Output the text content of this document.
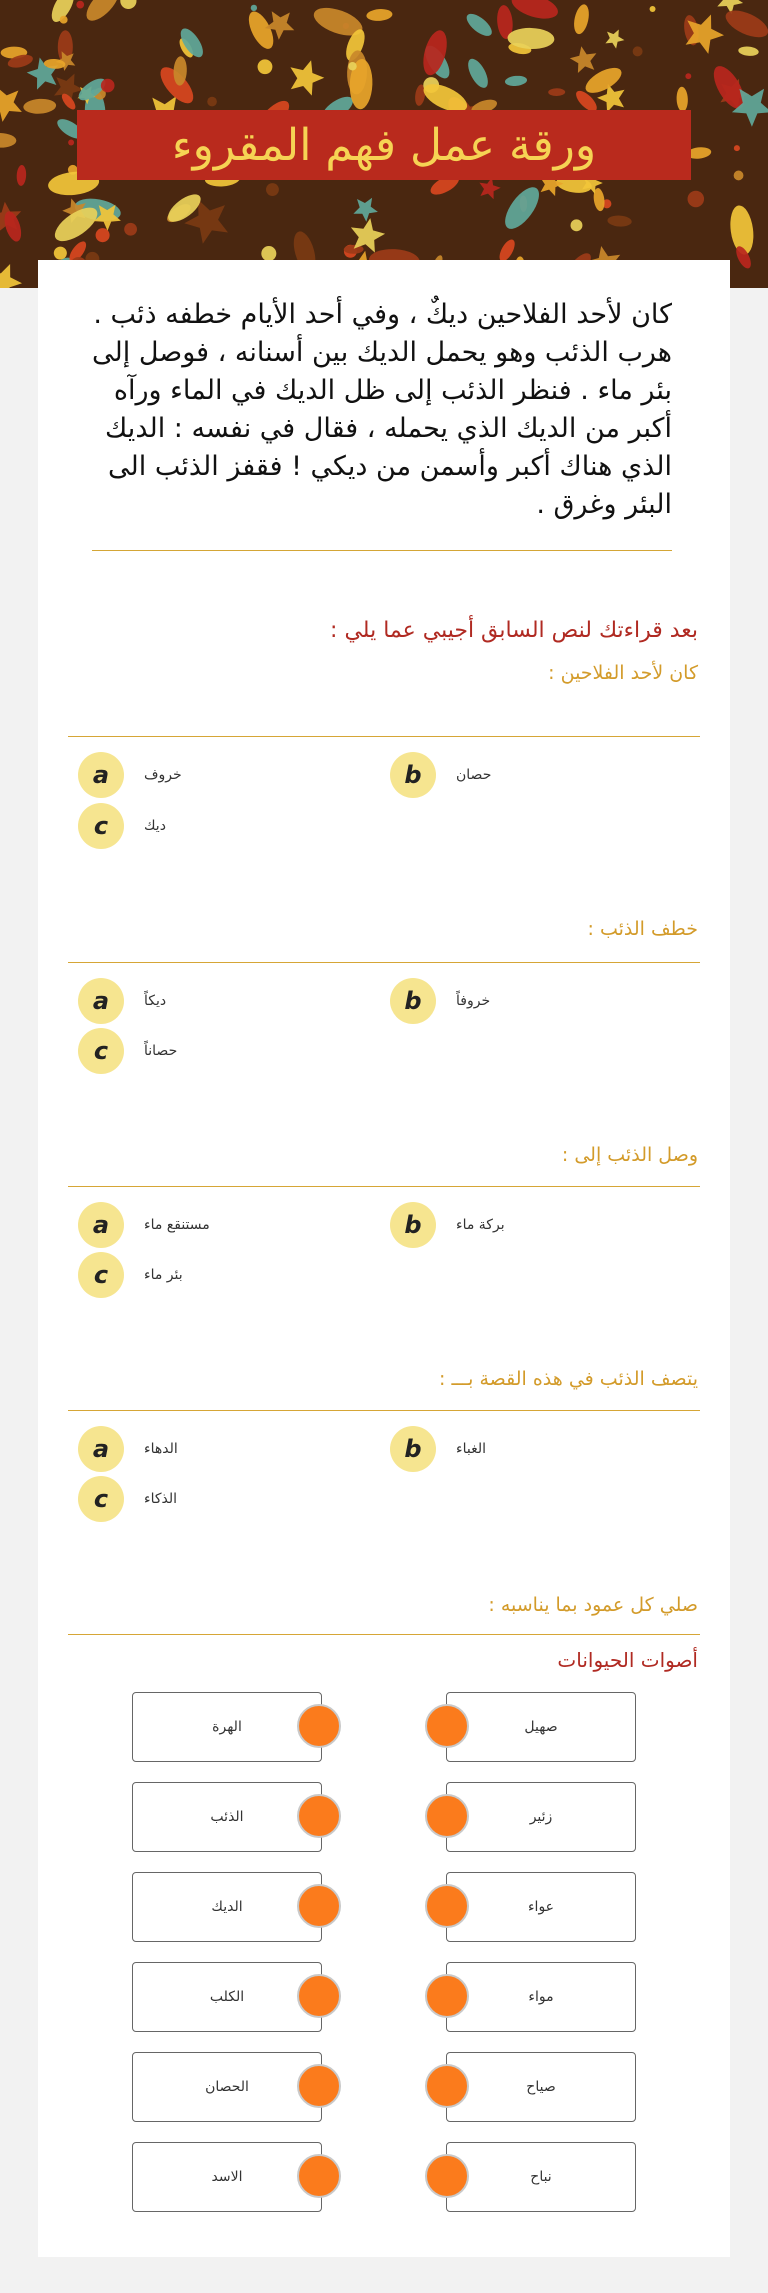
ورقة عمل فهم المقروء
كان لأحد الفلاحين ديكٌ ، وفي أحد الأيام خطفه ذئب . هرب الذئب وهو يحمل الديك بين أسنانه ، فوصل إلى بئر ماء . فنظر الذئب إلى ظل الديك في الماء ورآه أكبر من الديك الذي يحمله ، فقال في نفسه : الديك الذي هناك أكبر وأسمن من ديكي ! فقفز الذئب الى البئر وغرق .
بعد قراءتك لنص السابق أجيبي عما يلي :
كان لأحد الفلاحين :
a	خروف	b	حصان
c	ديك
خطف الذئب :
a	ديكاً	b	خروفاً
c	حصاناً
وصل الذئب إلى :
a	مستنقع ماء	b	بركة ماء
c	بئر ماء
يتصف الذئب في هذه القصة بـــ :
a	الدهاء	b	الغباء
c	الذكاء
صلي كل عمود بما يناسبه :
أصوات الحيوانات
الهرة	صهيل
الذئب	زئير
الديك	عواء
الكلب	مواء
الحصان	صياح
الاسد	نباح
